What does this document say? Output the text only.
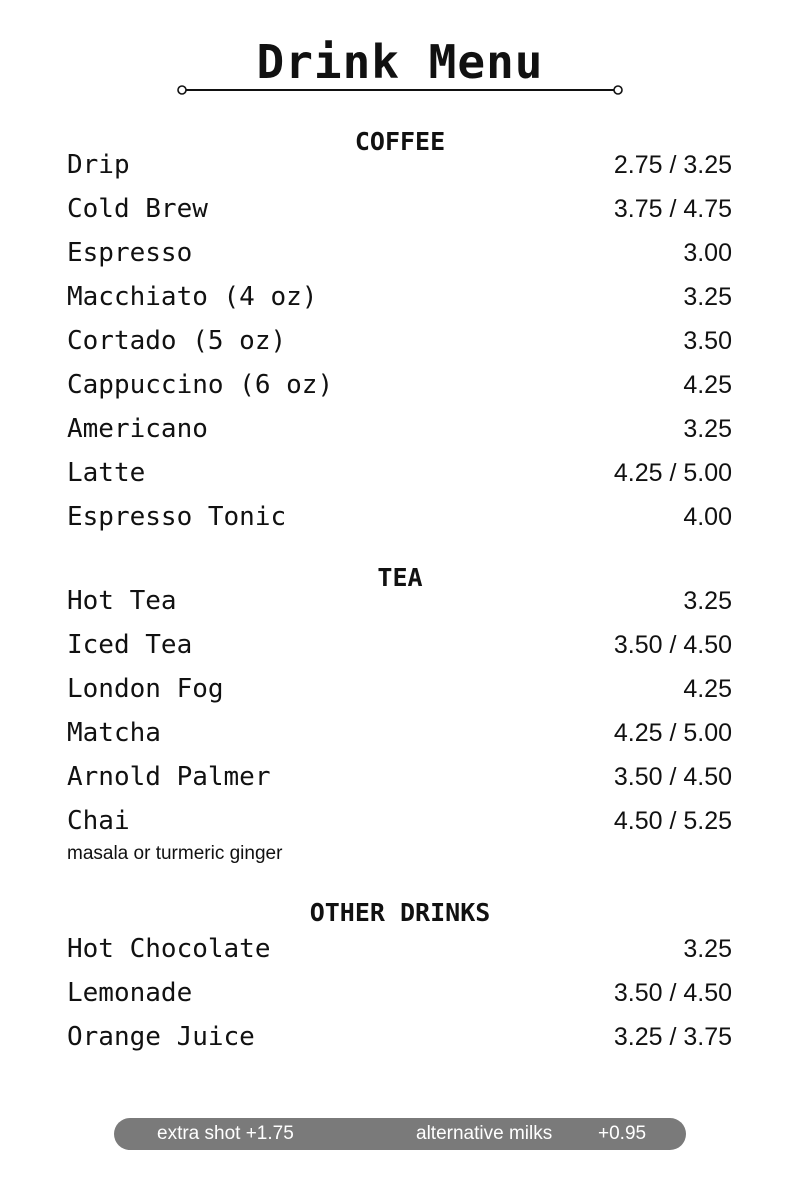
Drink Menu
COFFEE
Drip	2.75 / 3.25
Cold Brew	3.75 / 4.75
Espresso	3.00
Macchiato (4 oz)	3.25
Cortado (5 oz)	3.50
Cappuccino (6 oz)	4.25
Americano	3.25
Latte	4.25 / 5.00
Espresso Tonic	4.00
TEA
Hot Tea	3.25
Iced Tea	3.50 / 4.50
London Fog	4.25
Matcha	4.25 / 5.00
Arnold Palmer	3.50 / 4.50
Chai	4.50 / 5.25
masala or turmeric ginger
OTHER DRINKS
Hot Chocolate	3.25
Lemonade	3.50 / 4.50
Orange Juice	3.25 / 3.75
extra shot +1.75	alternative milks +0.95
